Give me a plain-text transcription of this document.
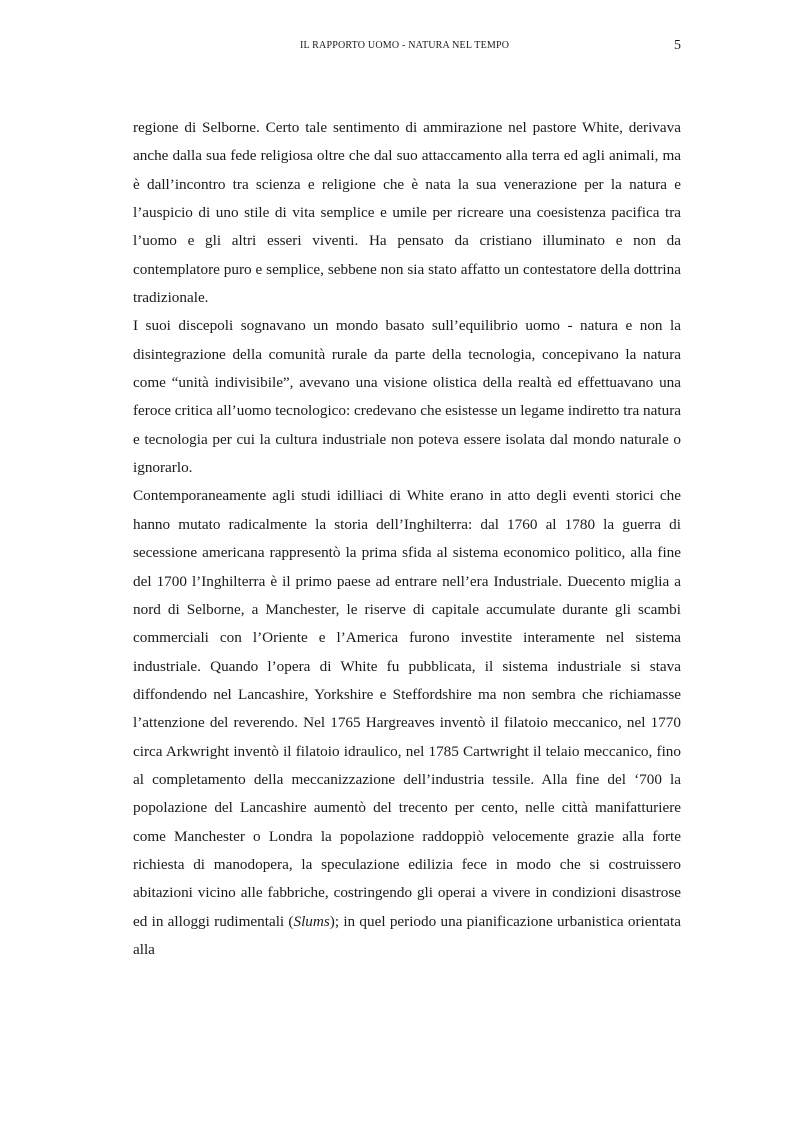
IL RAPPORTO UOMO - NATURA NEL TEMPO	5

regione di Selborne. Certo tale sentimento di ammirazione nel pastore White, derivava anche dalla sua fede religiosa oltre che dal suo attaccamento alla terra ed agli animali, ma è dall’incontro tra scienza e religione che è nata la sua venerazione per la natura e l’auspicio di uno stile di vita semplice e umile per ricreare una coesistenza pacifica tra l’uomo e gli altri esseri viventi. Ha pensato da cristiano illuminato e non da contemplatore puro e semplice, sebbene non sia stato affatto un contestatore della dottrina tradizionale.

I suoi discepoli sognavano un mondo basato sull’equilibrio uomo - natura e non la disintegrazione della comunità rurale da parte della tecnologia, concepivano la natura come “unità indivisibile”, avevano una visione olistica della realtà ed effettuavano una feroce critica all’uomo tecnologico: credevano che esistesse un legame indiretto tra natura e tecnologia per cui la cultura industriale non poteva essere isolata dal mondo naturale o ignorarlo.

Contemporaneamente agli studi idilliaci di White erano in atto degli eventi storici che hanno mutato radicalmente la storia dell’Inghilterra: dal 1760 al 1780 la guerra di secessione americana rappresentò la prima sfida al sistema economico politico, alla fine del 1700 l’Inghilterra è il primo paese ad entrare nell’era Industriale. Duecento miglia a nord di Selborne, a Manchester, le riserve di capitale accumulate durante gli scambi commerciali con l’Oriente e l’America furono investite interamente nel sistema industriale. Quando l’opera di White fu pubblicata, il sistema industriale si stava diffondendo nel Lancashire, Yorkshire e Steffordshire ma non sembra che richiamasse l’attenzione del reverendo. Nel 1765 Hargreaves inventò il filatoio meccanico, nel 1770 circa Arkwright inventò il filatoio idraulico, nel 1785 Cartwright il telaio meccanico, fino al completamento della meccanizzazione dell’industria tessile. Alla fine del ‘700 la popolazione del Lancashire aumentò del trecento per cento, nelle città manifatturiere come Manchester o Londra la popolazione raddoppiò velocemente grazie alla forte richiesta di manodopera, la speculazione edilizia fece in modo che si costruissero abitazioni vicino alle fabbriche, costringendo gli operai a vivere in condizioni disastrose ed in alloggi rudimentali (Slums); in quel periodo una pianificazione urbanistica orientata alla
